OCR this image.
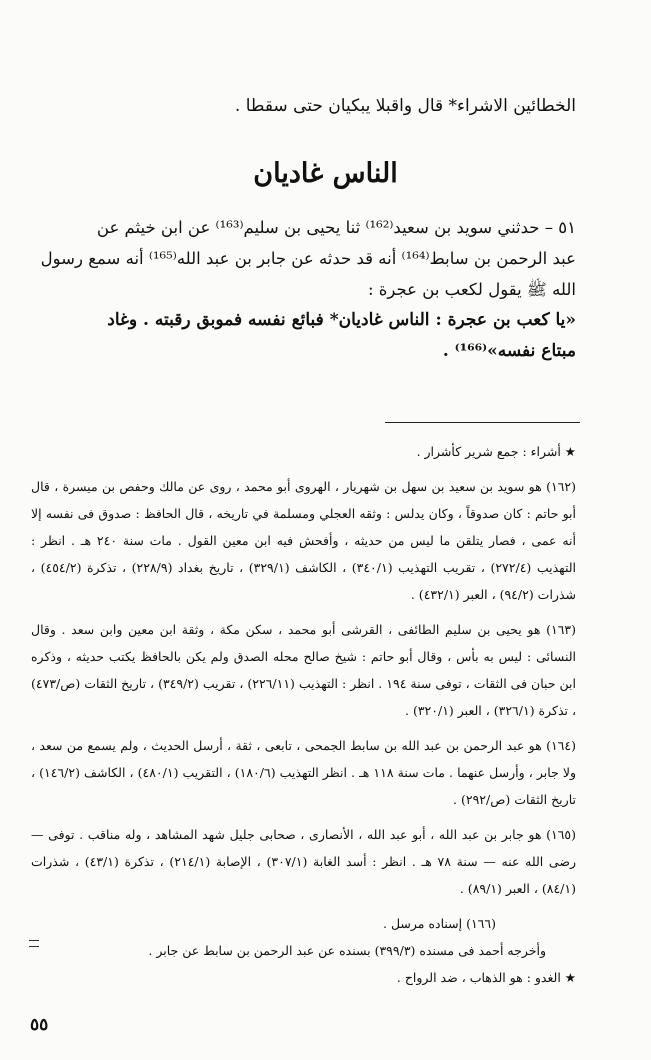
الخطائين الاشراء* قال واقبلا يبكيان حتى سقطا .
الناس غاديان

٥١ – حدثني سويد بن سعيد⁽¹⁶²⁾ ثنا يحيى بن سليم⁽¹⁶³⁾ عن ابن خيثم عن

عبد الرحمن بن سابط⁽¹⁶⁴⁾ أنه قد حدثه عن جابر بن عبد الله⁽¹⁶⁵⁾ أنه سمع رسول

الله ﷺ يقول لكعب بن عجرة :

«يا كعب بن عجرة : الناس غاديان* فبائع نفسه فموبق رقبته . وغاد

مبتاع نفسه»⁽¹⁶⁶⁾ .

★ أشراء : جمع شرير كأشرار .

(١٦٢) هو سويد بن سعيد بن سهل بن شهريار ، الهروى أبو محمد ، روى عن مالك وحفص بن ميسرة ، قال أبو حاتم : كان صدوقاً ، وكان يدلس : وثقه العجلي ومسلمة في تاريخه ، قال الحافظ : صدوق فى نفسه إلا أنه عمى ، فصار يتلقن ما ليس من حديثه ، وأفحش فيه ابن معين القول . مات سنة ٢٤٠ هـ . انظر : التهذيب (٢٧٢/٤) ، تقريب التهذيب (٣٤٠/١) ، الكاشف (٣٢٩/١) ، تاريخ بغداد (٢٢٨/٩) ، تذكرة (٤٥٤/٢) ، شذرات (٩٤/٢) ، العبر (٤٣٢/١) .

(١٦٣) هو يحيى بن سليم الطائفى ، القرشى أبو محمد ، سكن مكة ، وثقة ابن معين وابن سعد . وقال النسائى : ليس به بأس ، وقال أبو حاتم : شيخ صالح محله الصدق ولم يكن بالحافظ يكتب حديثه ، وذكره ابن حبان فى الثقات ، توفى سنة ١٩٤ . انظر : التهذيب (٢٢٦/١١) ، تقريب (٣٤٩/٢) ، تاريخ الثقات (ص/٤٧٣) ، تذكرة (٣٢٦/١) ، العبر (٣٢٠/١) .

(١٦٤) هو عبد الرحمن بن عبد الله بن سابط الجمحى ، تابعى ، ثقة ، أرسل الحديث ، ولم يسمع من سعد ، ولا جابر ، وأرسل عنهما . مات سنة ١١٨ هـ . انظر التهذيب (١٨٠/٦) ، التقريب (٤٨٠/١) ، الكاشف (١٤٦/٢) ، تاريخ الثقات (ص/٢٩٢) .

(١٦٥) هو جابر بن عبد الله ، أبو عبد الله ، الأنصارى ، صحابى جليل شهد المشاهد ، وله مناقب . توفى — رضى الله عنه — سنة ٧٨ هـ . انظر : أسد الغابة (٣٠٧/١) ، الإصابة (٢١٤/١) ، تذكرة (٤٣/١) ، شذرات (٨٤/١) ، العبر (٨٩/١) .

(١٦٦) إسناده مرسل .

وأخرجه أحمد فى مسنده (٣٩٩/٣) بسنده عن عبد الرحمن بن سابط عن جابر .

★ الغدو : هو الذهاب ، ضد الرواح .

٥٥
